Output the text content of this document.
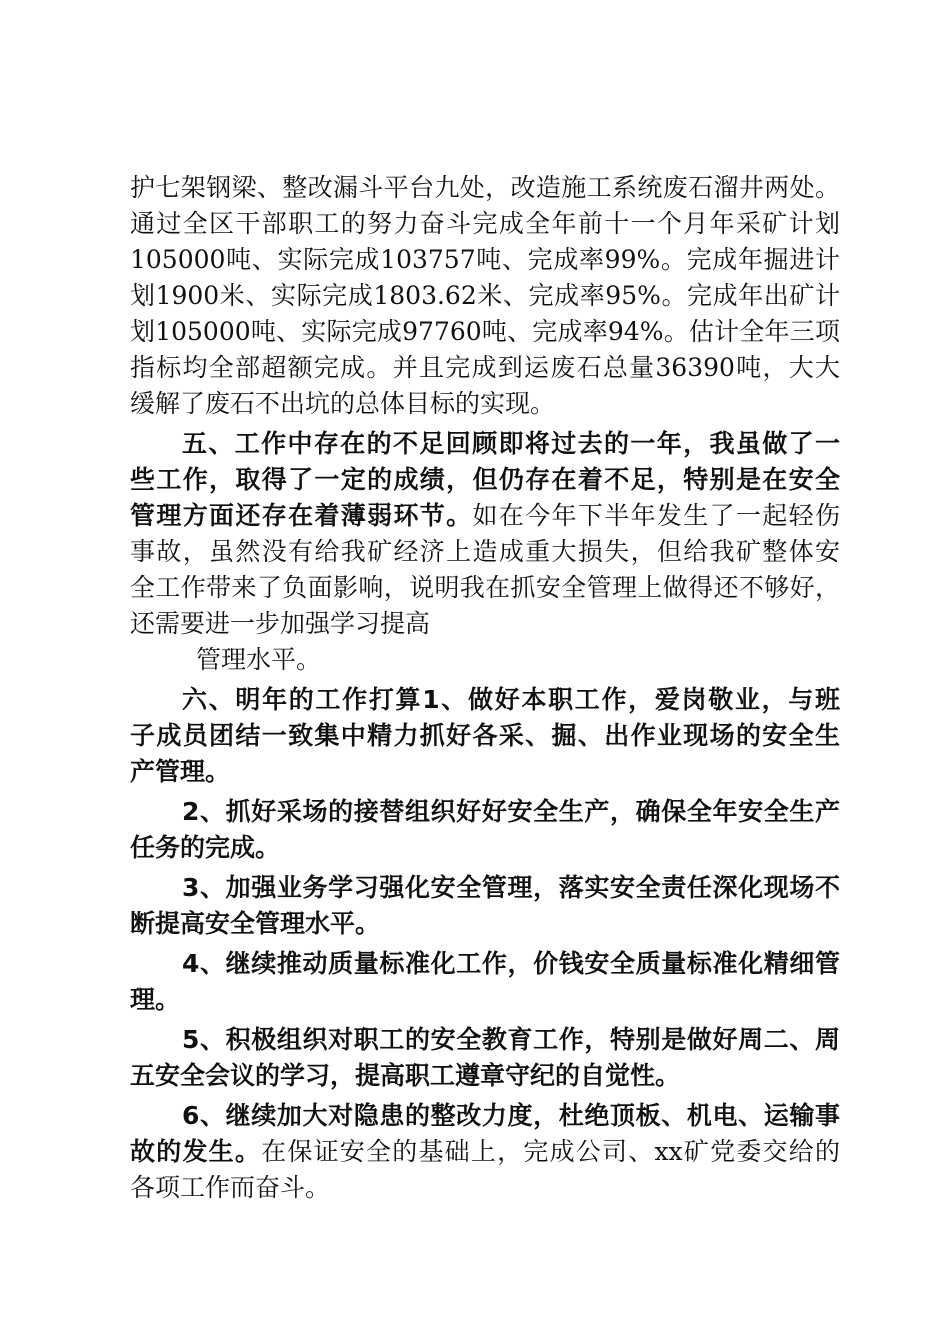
护七架钢梁、整改漏斗平台九处，改造施工系统废石溜井两处。
通过全区干部职工的努力奋斗完成全年前十一个月年采矿计划
105000吨、实际完成103757吨、完成率99%。完成年掘进计
划1900米、实际完成1803.62米、完成率95%。完成年出矿计
划105000吨、实际完成97760吨、完成率94%。估计全年三项
指标均全部超额完成。并且完成到运废石总量36390吨，大大
缓解了废石不出坑的总体目标的实现。
五、工作中存在的不足回顾即将过去的一年，我虽做了一
些工作，取得了一定的成绩，但仍存在着不足，特别是在安全
管理方面还存在着薄弱环节。如在今年下半年发生了一起轻伤
事故，虽然没有给我矿经济上造成重大损失，但给我矿整体安
全工作带来了负面影响，说明我在抓安全管理上做得还不够好，
还需要进一步加强学习提高
管理水平。
六、明年的工作打算1、做好本职工作，爱岗敬业，与班
子成员团结一致集中精力抓好各采、掘、出作业现场的安全生
产管理。
2、抓好采场的接替组织好好安全生产，确保全年安全生产
任务的完成。
3、加强业务学习强化安全管理，落实安全责任深化现场不
断提高安全管理水平。
4、继续推动质量标准化工作，价钱安全质量标准化精细管
理。
5、积极组织对职工的安全教育工作，特别是做好周二、周
五安全会议的学习，提高职工遵章守纪的自觉性。
6、继续加大对隐患的整改力度，杜绝顶板、机电、运输事
故的发生。在保证安全的基础上，完成公司、xx矿党委交给的
各项工作而奋斗。
